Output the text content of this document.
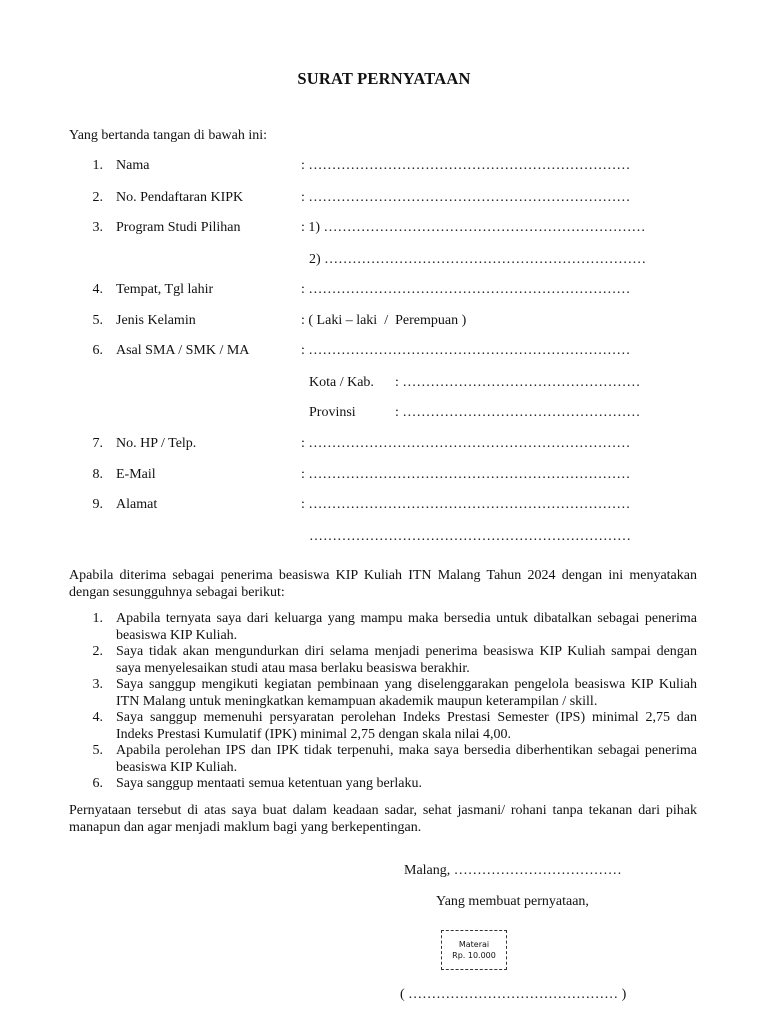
SURAT PERNYATAAN
Yang bertanda tangan di bawah ini:
1. Nama	: ……………………………………………………………
2. No. Pendaftaran KIPK	: ……………………………………………………………
3. Program Studi Pilihan	: 1) ……………………………………………………………
2) ……………………………………………………………
4. Tempat, Tgl lahir	: ……………………………………………………………
5. Jenis Kelamin	: ( Laki – laki  /  Perempuan )
6. Asal SMA / SMK / MA	: ……………………………………………………………
Kota / Kab. : ……………………………………………
Provinsi	: ……………………………………………
7. No. HP / Telp.	: ……………………………………………………………
8. E-Mail	: ……………………………………………………………
9. Alamat	: ……………………………………………………………
……………………………………………………………
Apabila diterima sebagai penerima beasiswa KIP Kuliah ITN Malang Tahun 2024 dengan ini menyatakan dengan sesungguhnya sebagai berikut:
1. Apabila ternyata saya dari keluarga yang mampu maka bersedia untuk dibatalkan sebagai penerima beasiswa KIP Kuliah.
2. Saya tidak akan mengundurkan diri selama menjadi penerima beasiswa KIP Kuliah sampai dengan saya menyelesaikan studi atau masa berlaku beasiswa berakhir.
3. Saya sanggup mengikuti kegiatan pembinaan yang diselenggarakan pengelola beasiswa KIP Kuliah ITN Malang untuk meningkatkan kemampuan akademik maupun keterampilan / skill.
4. Saya sanggup memenuhi persyaratan perolehan Indeks Prestasi Semester (IPS) minimal 2,75 dan Indeks Prestasi Kumulatif (IPK) minimal 2,75 dengan skala nilai 4,00.
5. Apabila perolehan IPS dan IPK tidak terpenuhi, maka saya bersedia diberhentikan sebagai penerima beasiswa KIP Kuliah.
6. Saya sanggup mentaati semua ketentuan yang berlaku.
Pernyataan tersebut di atas saya buat dalam keadaan sadar, sehat jasmani/ rohani tanpa tekanan dari pihak manapun dan agar menjadi maklum bagi yang berkepentingan.
Malang, ………………………………
Yang membuat pernyataan,
Materai
Rp. 10.000
( ……………………………………… )
